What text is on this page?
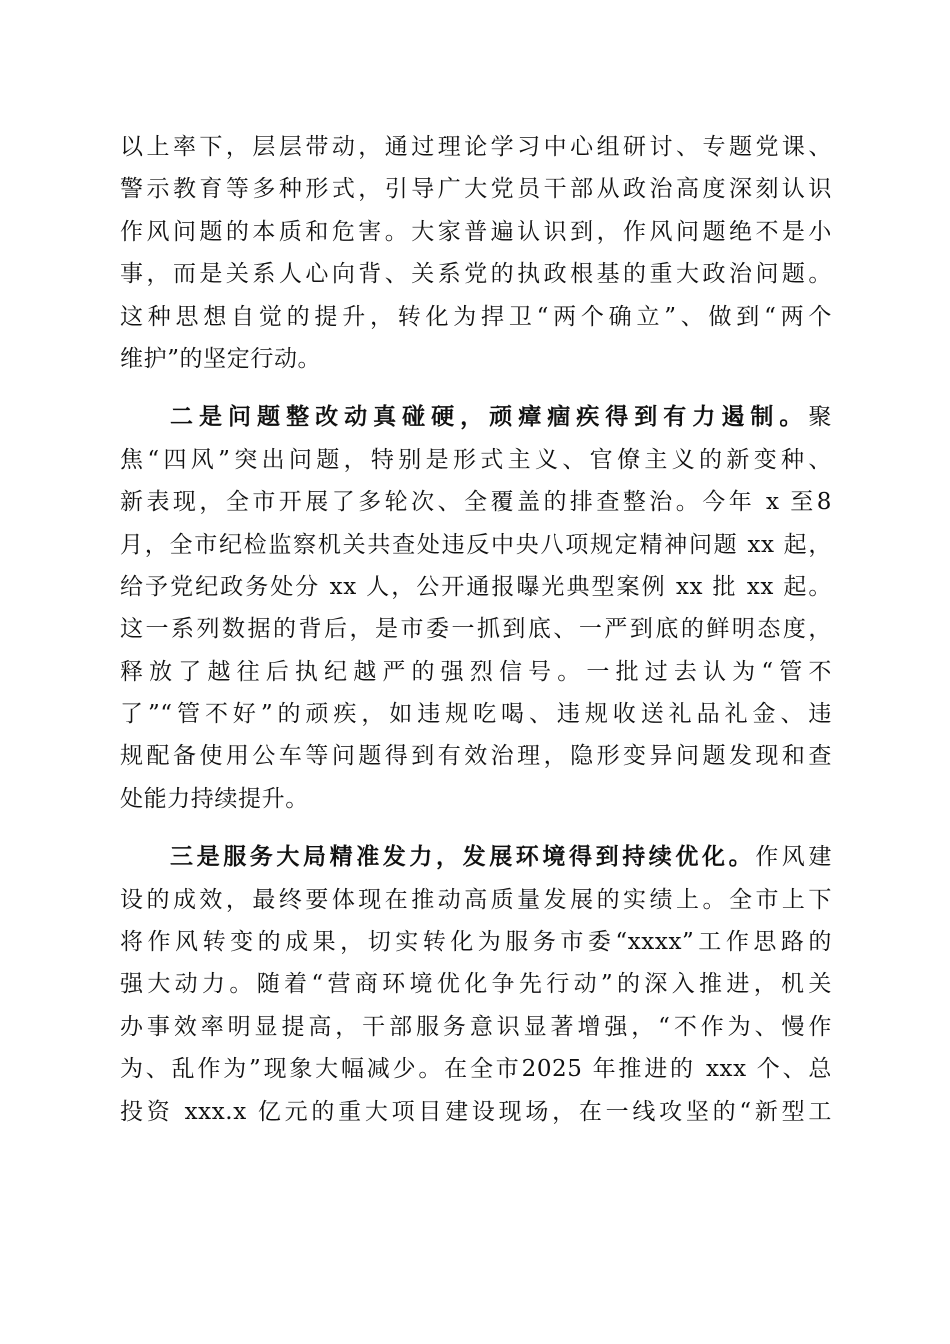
以上率下，层层带动，通过理论学习中心组研讨、专题党课、
警示教育等多种形式，引导广大党员干部从政治高度深刻认识
作风问题的本质和危害。大家普遍认识到，作风问题绝不是小
事，而是关系人心向背、关系党的执政根基的重大政治问题。
这种思想自觉的提升，转化为捍卫“两个确立”、做到“两个
维护”的坚定行动。
二是问题整改动真碰硬，顽瘴痼疾得到有力遏制。聚
焦“四风”突出问题，特别是形式主义、官僚主义的新变种、
新表现，全市开展了多轮次、全覆盖的排查整治。今年 x 至8
月，全市纪检监察机关共查处违反中央八项规定精神问题 xx 起，
给予党纪政务处分 xx 人，公开通报曝光典型案例 xx 批 xx 起。
这一系列数据的背后，是市委一抓到底、一严到底的鲜明态度，
释放了越往后执纪越严的强烈信号。一批过去认为“管不
了”“管不好”的顽疾，如违规吃喝、违规收送礼品礼金、违
规配备使用公车等问题得到有效治理，隐形变异问题发现和查
处能力持续提升。
三是服务大局精准发力，发展环境得到持续优化。作风建
设的成效，最终要体现在推动高质量发展的实绩上。全市上下
将作风转变的成果，切实转化为服务市委“xxxx”工作思路的
强大动力。随着“营商环境优化争先行动”的深入推进，机关
办事效率明显提高，干部服务意识显著增强，“不作为、慢作
为、乱作为”现象大幅减少。在全市2025 年推进的 xxx 个、总
投资 xxx.x 亿元的重大项目建设现场，在一线攻坚的“新型工
